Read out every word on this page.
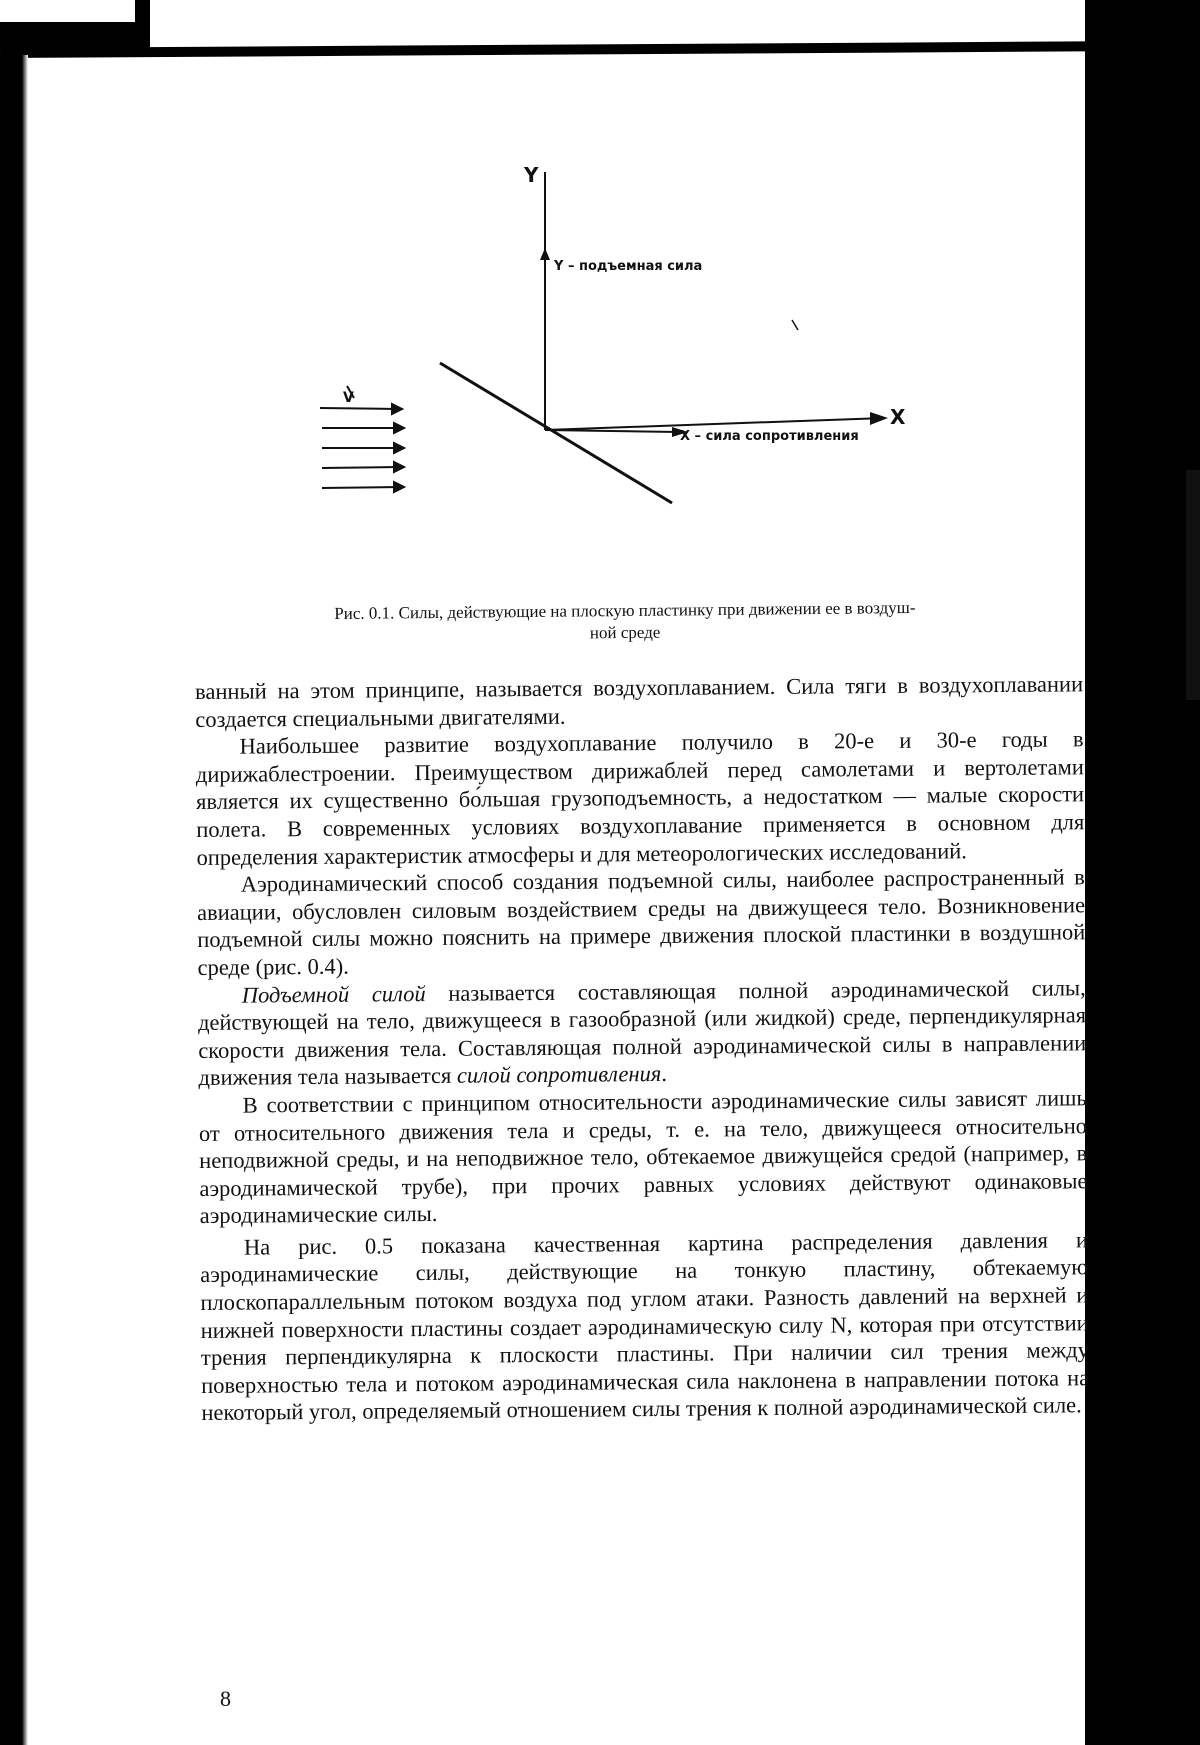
Y
X
V
Y – подъемная сила
X – сила сопротивления
Рис. 0.1. Силы, действующие на плоскую пластинку при движении ее в воздуш-
ной среде

ванный на этом принципе, называется воздухоплаванием. Сила тяги в воздухоплавании создается специальными двигателями.

Наибольшее развитие воздухоплавание получило в 20-е и 30-е годы в дирижаблестроении. Преимуществом дирижаблей перед самолетами и вертолетами является их существенно бо́льшая грузоподъемность, а недостатком — малые скорости полета. В современных условиях воздухоплавание применяется в основном для определения характеристик атмосферы и для метеорологических исследований.

Аэродинамический способ создания подъемной силы, наиболее распространенный в авиации, обусловлен силовым воздействием среды на движущееся тело. Возникновение подъемной силы можно пояснить на примере движения плоской пластинки в воздушной среде (рис. 0.4).

Подъемной силой называется составляющая полной аэродинамической силы, действующей на тело, движущееся в газообразной (или жидкой) среде, перпендикулярная скорости движения тела. Составляющая полной аэродинамической силы в направлении движения тела называется силой сопротивления.

В соответствии с принципом относительности аэродинамические силы зависят лишь от относительного движения тела и среды, т. е. на тело, движущееся относительно неподвижной среды, и на неподвижное тело, обтекаемое движущейся средой (например, в аэродинамической трубе), при прочих равных условиях действуют одинаковые аэродинамические силы.

На рис. 0.5 показана качественная картина распределения давления и аэродинамические силы, действующие на тонкую пластину, обтекаемую плоскопараллельным потоком воздуха под углом атаки. Разность давлений на верхней и нижней поверхности пластины создает аэродинамическую силу N, которая при отсутствии трения перпендикулярна к плоскости пластины. При наличии сил трения между поверхностью тела и потоком аэродинамическая сила наклонена в направлении потока на некоторый угол, определяемый отношением силы трения к полной аэродинамической силе.

8
